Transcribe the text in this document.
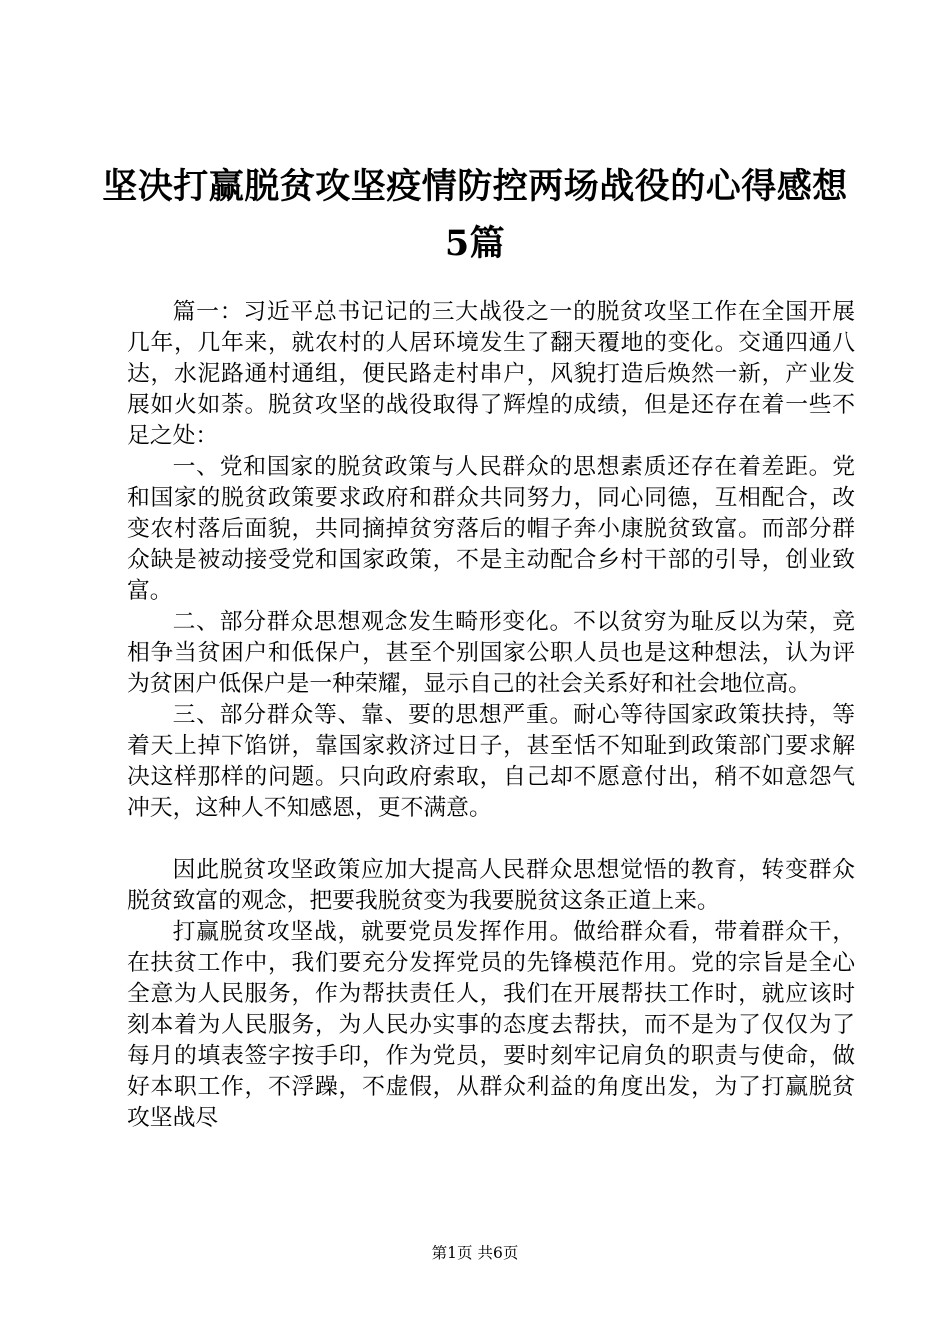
坚决打赢脱贫攻坚疫情防控两场战役的心得感想5篇

篇一：习近平总书记记的三大战役之一的脱贫攻坚工作在全国开展几年，几年来，就农村的人居环境发生了翻天覆地的变化。交通四通八达，水泥路通村通组，便民路走村串户，风貌打造后焕然一新，产业发展如火如荼。脱贫攻坚的战役取得了辉煌的成绩，但是还存在着一些不足之处：

一、党和国家的脱贫政策与人民群众的思想素质还存在着差距。党和国家的脱贫政策要求政府和群众共同努力，同心同德，互相配合，改变农村落后面貌，共同摘掉贫穷落后的帽子奔小康脱贫致富。而部分群众缺是被动接受党和国家政策，不是主动配合乡村干部的引导，创业致富。

二、部分群众思想观念发生畸形变化。不以贫穷为耻反以为荣，竞相争当贫困户和低保户，甚至个别国家公职人员也是这种想法，认为评为贫困户低保户是一种荣耀，显示自己的社会关系好和社会地位高。

三、部分群众等、靠、要的思想严重。耐心等待国家政策扶持，等着天上掉下馅饼，靠国家救济过日子，甚至恬不知耻到政策部门要求解决这样那样的问题。只向政府索取，自己却不愿意付出，稍不如意怨气冲天，这种人不知感恩，更不满意。

因此脱贫攻坚政策应加大提高人民群众思想觉悟的教育，转变群众脱贫致富的观念，把要我脱贫变为我要脱贫这条正道上来。

打赢脱贫攻坚战，就要党员发挥作用。做给群众看，带着群众干，在扶贫工作中，我们要充分发挥党员的先锋模范作用。党的宗旨是全心全意为人民服务，作为帮扶责任人，我们在开展帮扶工作时，就应该时刻本着为人民服务，为人民办实事的态度去帮扶，而不是为了仅仅为了每月的填表签字按手印，作为党员，要时刻牢记肩负的职责与使命，做好本职工作，不浮躁，不虚假，从群众利益的角度出发，为了打赢脱贫攻坚战尽

第1页 共6页
